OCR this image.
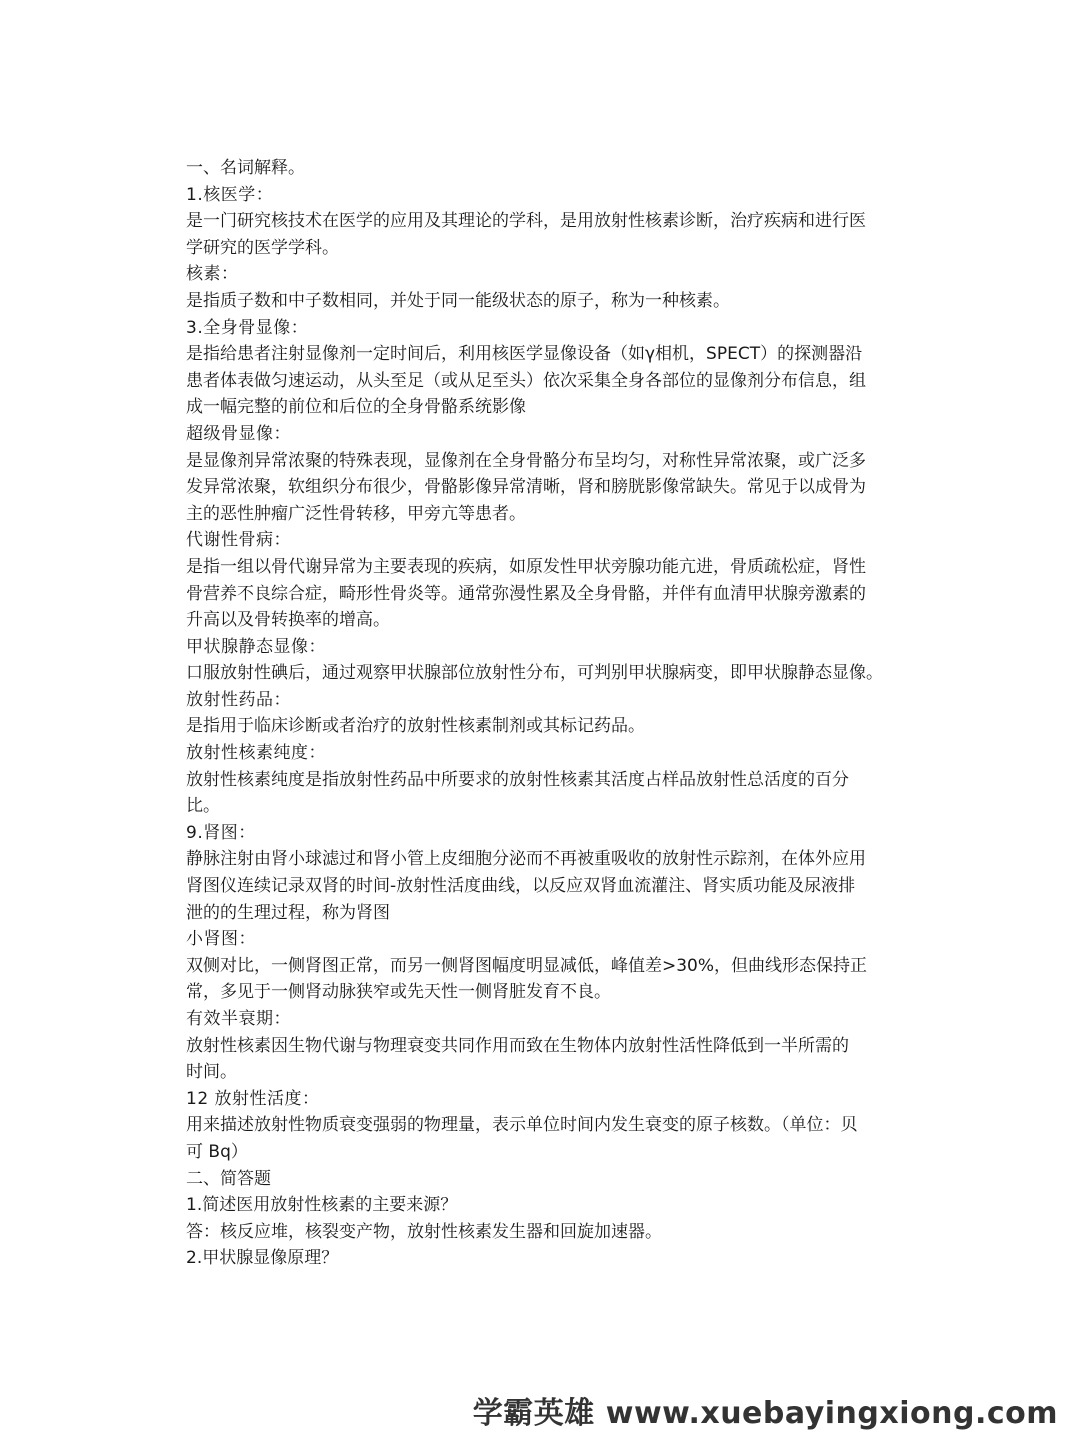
一、名词解释。
1.核医学：
是一门研究核技术在医学的应用及其理论的学科，是用放射性核素诊断，治疗疾病和进行医
学研究的医学学科。
核素：
是指质子数和中子数相同，并处于同一能级状态的原子，称为一种核素。
3.全身骨显像：
是指给患者注射显像剂一定时间后，利用核医学显像设备（如γ相机，SPECT）的探测器沿
患者体表做匀速运动，从头至足（或从足至头）依次采集全身各部位的显像剂分布信息，组
成一幅完整的前位和后位的全身骨骼系统影像
超级骨显像：
是显像剂异常浓聚的特殊表现，显像剂在全身骨骼分布呈均匀，对称性异常浓聚，或广泛多
发异常浓聚，软组织分布很少，骨骼影像异常清晰，肾和膀胱影像常缺失。常见于以成骨为
主的恶性肿瘤广泛性骨转移，甲旁亢等患者。
代谢性骨病：
是指一组以骨代谢异常为主要表现的疾病，如原发性甲状旁腺功能亢进，骨质疏松症，肾性
骨营养不良综合症，畸形性骨炎等。通常弥漫性累及全身骨骼，并伴有血清甲状腺旁激素的
升高以及骨转换率的增高。
甲状腺静态显像：
口服放射性碘后，通过观察甲状腺部位放射性分布，可判别甲状腺病变，即甲状腺静态显像。
放射性药品：
是指用于临床诊断或者治疗的放射性核素制剂或其标记药品。
放射性核素纯度：
放射性核素纯度是指放射性药品中所要求的放射性核素其活度占样品放射性总活度的百分
比。
9.肾图：
静脉注射由肾小球滤过和肾小管上皮细胞分泌而不再被重吸收的放射性示踪剂，在体外应用
肾图仪连续记录双肾的时间-放射性活度曲线，以反应双肾血流灌注、肾实质功能及尿液排
泄的的生理过程，称为肾图
小肾图：
双侧对比，一侧肾图正常，而另一侧肾图幅度明显减低，峰值差>30%，但曲线形态保持正
常，多见于一侧肾动脉狭窄或先天性一侧肾脏发育不良。
有效半衰期：
放射性核素因生物代谢与物理衰变共同作用而致在生物体内放射性活性降低到一半所需的
时间。
12 放射性活度：
用来描述放射性物质衰变强弱的物理量，表示单位时间内发生衰变的原子核数。（单位：贝
可 Bq）
二、简答题
1.简述医用放射性核素的主要来源？
答：核反应堆，核裂变产物，放射性核素发生器和回旋加速器。
2.甲状腺显像原理？
学霸英雄 www.xuebayingxiong.com
